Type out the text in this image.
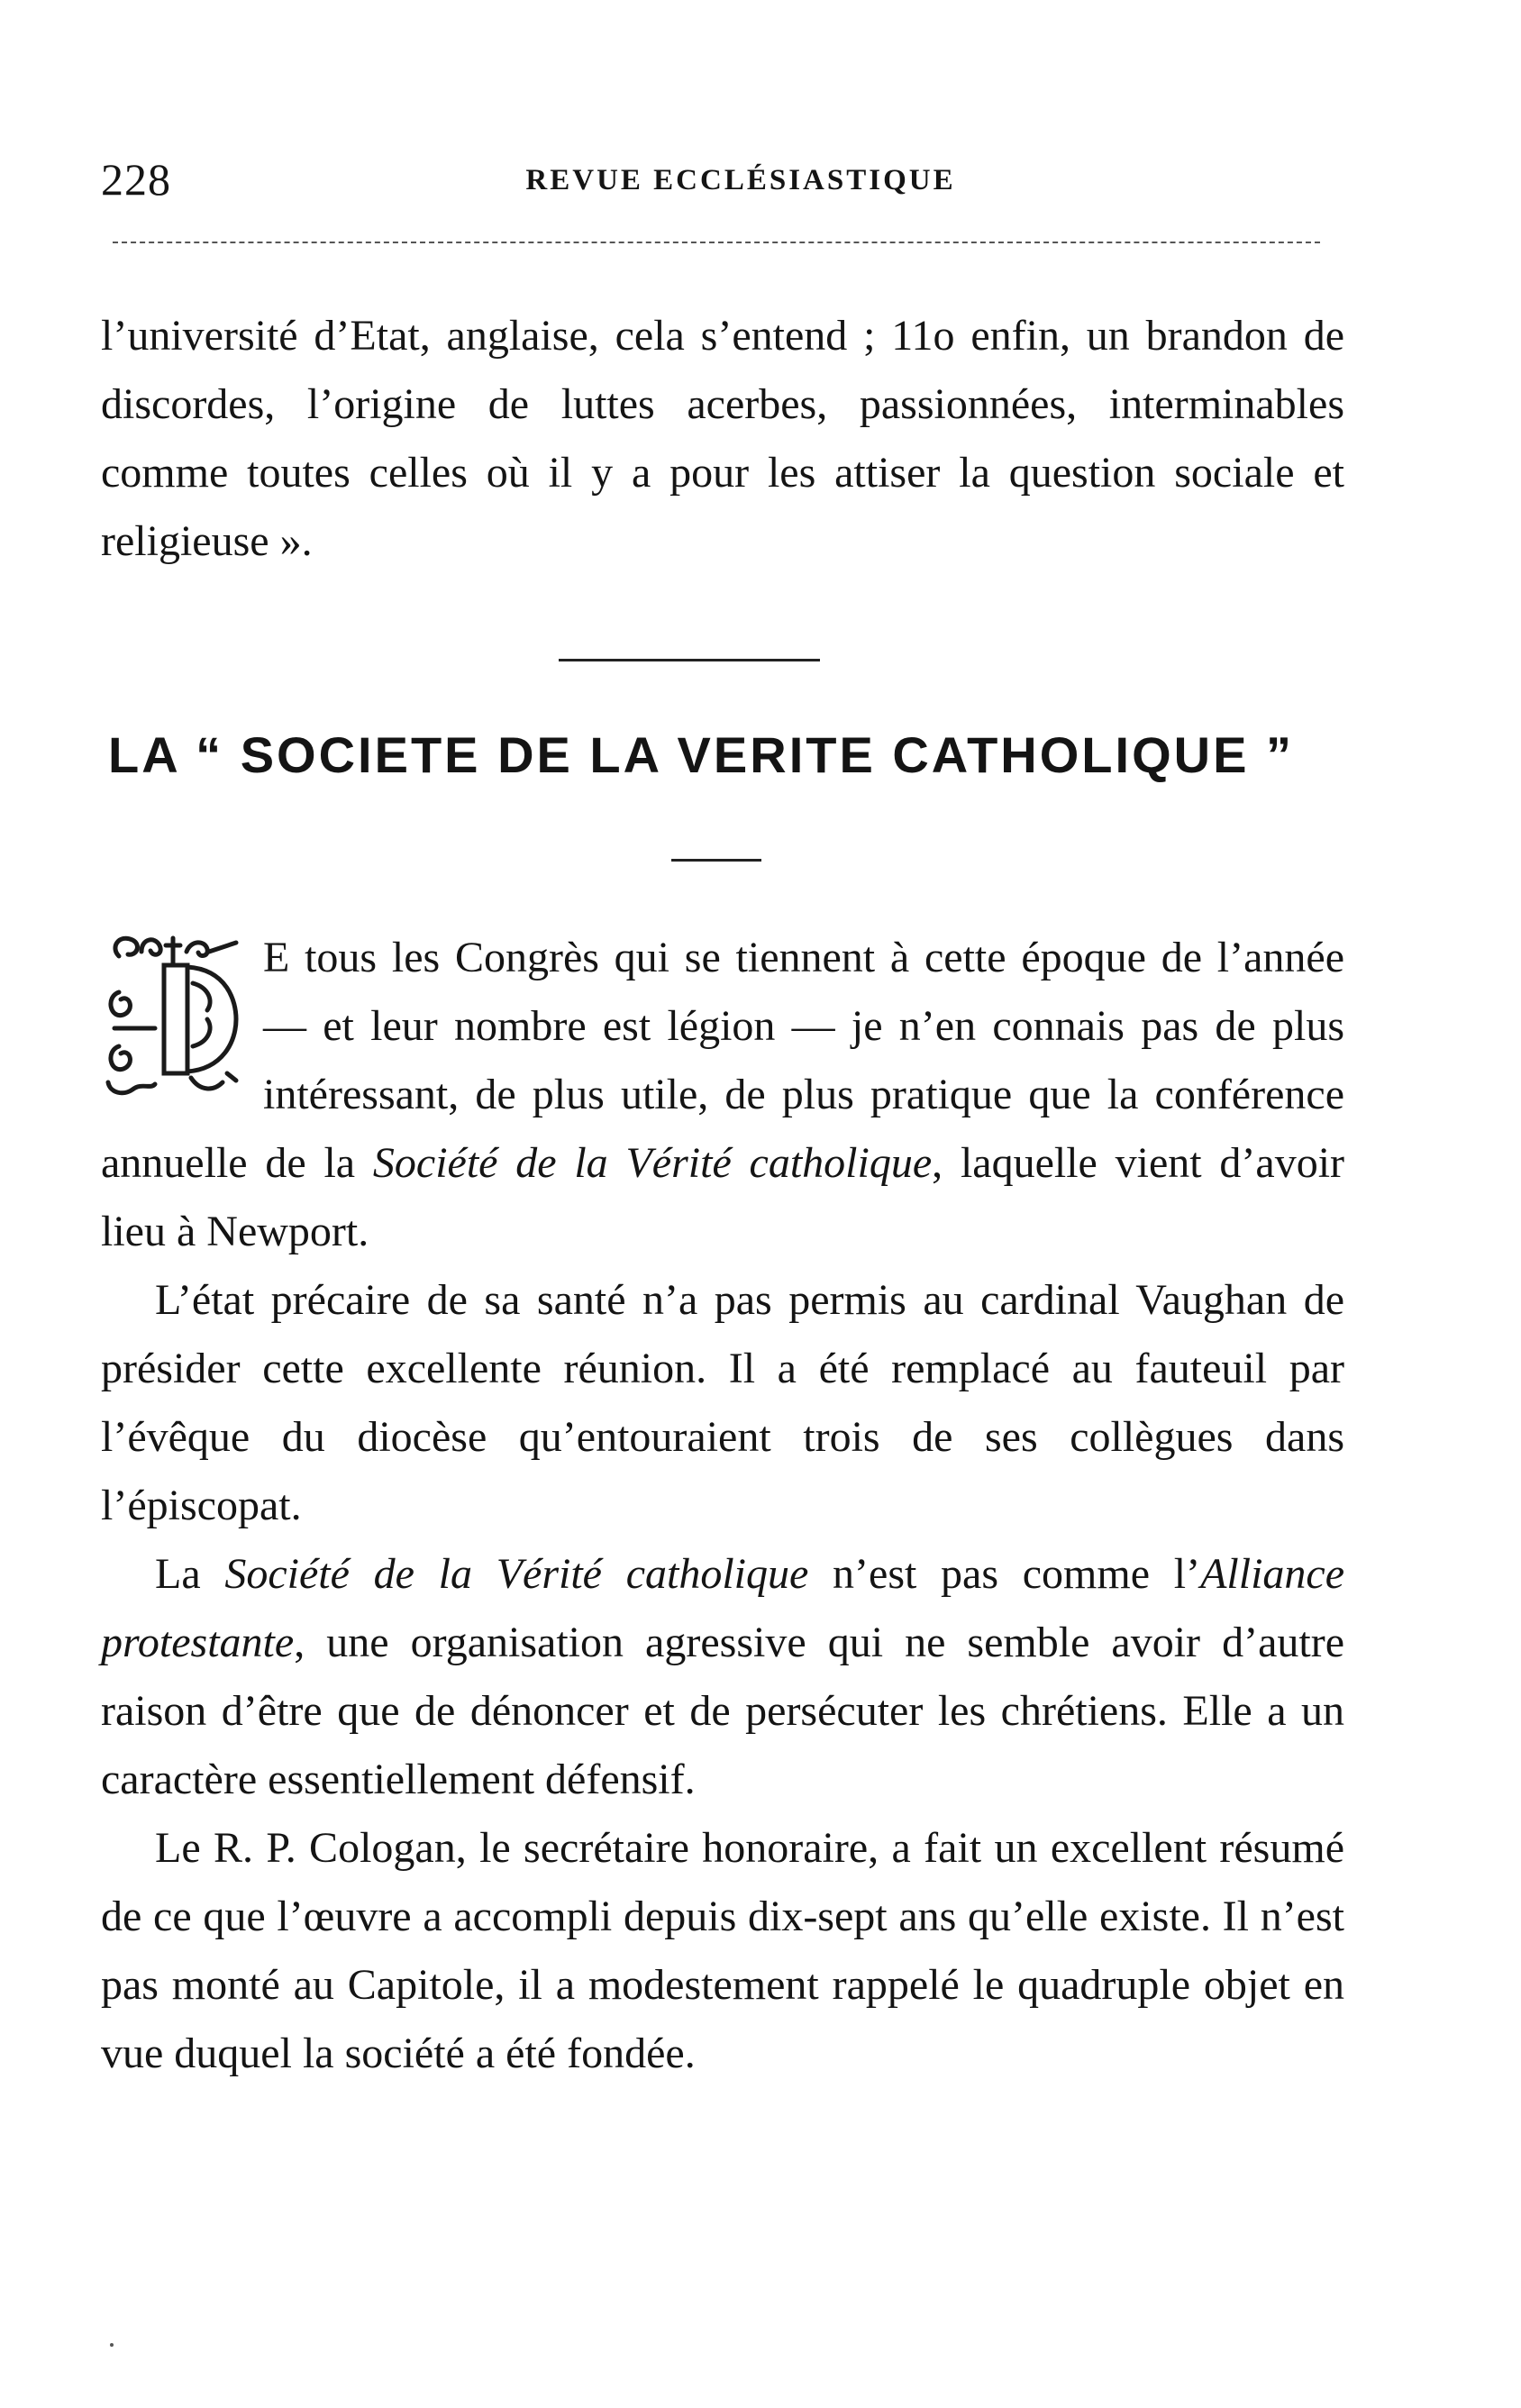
228	REVUE ECCLÉSIASTIQUE

l’université d’Etat, anglaise, cela s’entend ; 11o enfin, un brandon de discordes, l’origine de luttes acerbes, passionnées, interminables comme toutes celles où il y a pour les attiser la question sociale et religieuse ».

LA “ SOCIETE DE LA VERITE CATHOLIQUE ”

E tous les Congrès qui se tiennent à cette époque de l’année — et leur nombre est légion — je n’en connais pas de plus intéressant, de plus utile, de plus pratique que la conférence annuelle de la Société de la Vérité catholique, laquelle vient d’avoir lieu à Newport.

L’état précaire de sa santé n’a pas permis au cardinal Vaughan de présider cette excellente réunion. Il a été remplacé au fauteuil par l’évêque du diocèse qu’entouraient trois de ses collègues dans l’épiscopat.

La Société de la Vérité catholique n’est pas comme l’Alliance protestante, une organisation agressive qui ne semble avoir d’autre raison d’être que de dénoncer et de persécuter les chrétiens. Elle a un caractère essentiellement défensif.

Le R. P. Cologan, le secrétaire honoraire, a fait un excellent résumé de ce que l’œuvre a accompli depuis dix-sept ans qu’elle existe. Il n’est pas monté au Capitole, il a modestement rappelé le quadruple objet en vue duquel la société a été fondée.
